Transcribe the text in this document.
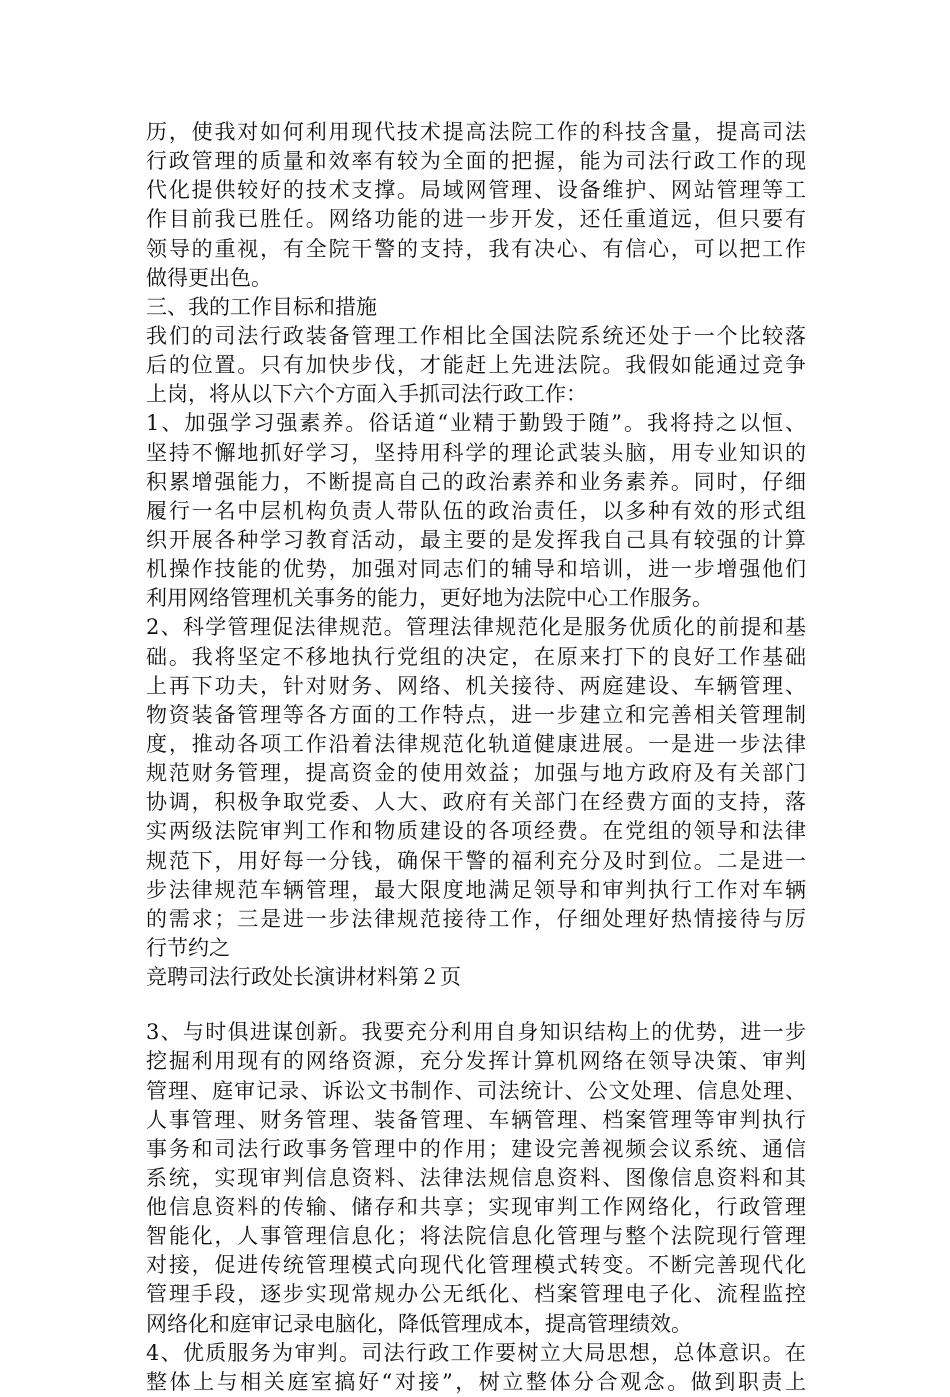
历，使我对如何利用现代技术提高法院工作的科技含量，提高司法
行政管理的质量和效率有较为全面的把握，能为司法行政工作的现
代化提供较好的技术支撑。局域网管理、设备维护、网站管理等工
作目前我已胜任。网络功能的进一步开发，还任重道远，但只要有
领导的重视，有全院干警的支持，我有决心、有信心，可以把工作
做得更出色。
三、我的工作目标和措施
我们的司法行政装备管理工作相比全国法院系统还处于一个比较落
后的位置。只有加快步伐，才能赶上先进法院。我假如能通过竞争
上岗，将从以下六个方面入手抓司法行政工作：
1、加强学习强素养。俗话道“业精于勤毁于随”。我将持之以恒、
坚持不懈地抓好学习，坚持用科学的理论武装头脑，用专业知识的
积累增强能力，不断提高自己的政治素养和业务素养。同时，仔细
履行一名中层机构负责人带队伍的政治责任，以多种有效的形式组
织开展各种学习教育活动，最主要的是发挥我自己具有较强的计算
机操作技能的优势，加强对同志们的辅导和培训，进一步增强他们
利用网络管理机关事务的能力，更好地为法院中心工作服务。
2、科学管理促法律规范。管理法律规范化是服务优质化的前提和基
础。我将坚定不移地执行党组的决定，在原来打下的良好工作基础
上再下功夫，针对财务、网络、机关接待、两庭建设、车辆管理、
物资装备管理等各方面的工作特点，进一步建立和完善相关管理制
度，推动各项工作沿着法律规范化轨道健康进展。一是进一步法律
规范财务管理，提高资金的使用效益；加强与地方政府及有关部门
协调，积极争取党委、人大、政府有关部门在经费方面的支持，落
实两级法院审判工作和物质建设的各项经费。在党组的领导和法律
规范下，用好每一分钱，确保干警的福利充分及时到位。二是进一
步法律规范车辆管理，最大限度地满足领导和审判执行工作对车辆
的需求；三是进一步法律规范接待工作，仔细处理好热情接待与厉
行节约之
竞聘司法行政处长演讲材料第２页
3、与时俱进谋创新。我要充分利用自身知识结构上的优势，进一步
挖掘利用现有的网络资源，充分发挥计算机网络在领导决策、审判
管理、庭审记录、诉讼文书制作、司法统计、公文处理、信息处理、
人事管理、财务管理、装备管理、车辆管理、档案管理等审判执行
事务和司法行政事务管理中的作用；建设完善视频会议系统、通信
系统，实现审判信息资料、法律法规信息资料、图像信息资料和其
他信息资料的传输、储存和共享；实现审判工作网络化，行政管理
智能化，人事管理信息化；将法院信息化管理与整个法院现行管理
对接，促进传统管理模式向现代化管理模式转变。不断完善现代化
管理手段，逐步实现常规办公无纸化、档案管理电子化、流程监控
网络化和庭审记录电脑化，降低管理成本，提高管理绩效。
4、优质服务为审判。司法行政工作要树立大局思想，总体意识。在
整体上与相关庭室搞好“对接”，树立整体分合观念。做到职责上
